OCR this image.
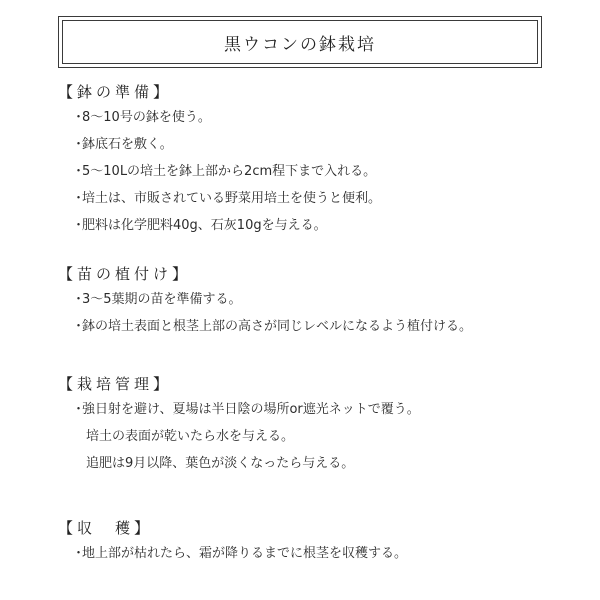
黒ウコンの鉢栽培
【鉢の準備】
・8～10号の鉢を使う。
・鉢底石を敷く。
・5～10Lの培土を鉢上部から2cm程下まで入れる。
・培土は、市販されている野菜用培土を使うと便利。
・肥料は化学肥料40g、石灰10gを与える。
【苗の植付け】
・3～5葉期の苗を準備する。
・鉢の培土表面と根茎上部の高さが同じレベルになるよう植付ける。
【栽培管理】
・強日射を避け、夏場は半日陰の場所or遮光ネットで覆う。
培土の表面が乾いたら水を与える。
追肥は9月以降、葉色が淡くなったら与える。
【収　穫】
・地上部が枯れたら、霜が降りるまでに根茎を収穫する。
